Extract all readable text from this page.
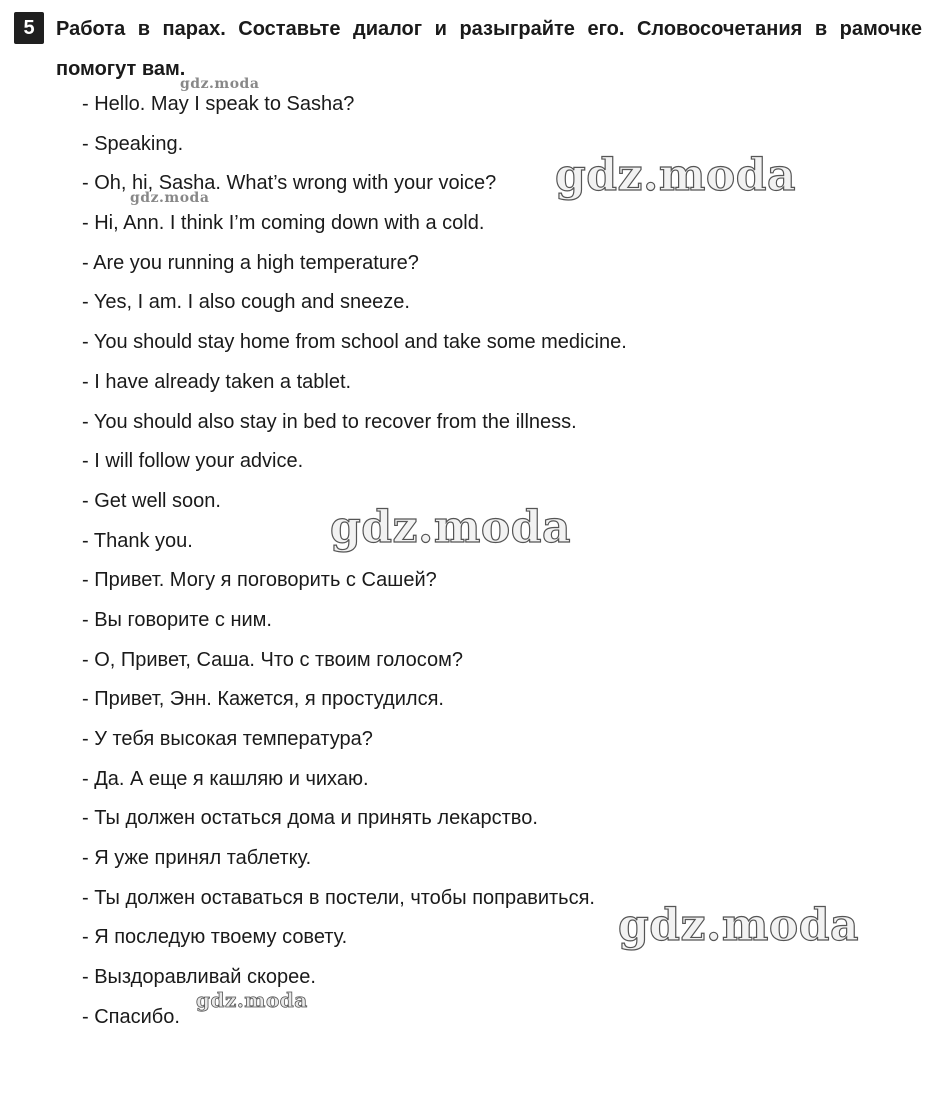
5	Работа в парах. Составьте диалог и разыграйте его. Словосочетания в рамочке помогут вам.
- Hello. May I speak to Sasha?
- Speaking.
- Oh, hi, Sasha. What’s wrong with your voice?
- Hi, Ann. I think I’m coming down with a cold.
- Are you running a high temperature?
- Yes, I am. I also cough and sneeze.
- You should stay home from school and take some medicine.
- I have already taken a tablet.
- You should also stay in bed to recover from the illness.
- I will follow your advice.
- Get well soon.
- Thank you.
- Привет. Могу я поговорить с Сашей?
- Вы говорите с ним.
- О, Привет, Саша. Что с твоим голосом?
- Привет, Энн. Кажется, я простудился.
- У тебя высокая температура?
- Да. А еще я кашляю и чихаю.
- Ты должен остаться дома и принять лекарство.
- Я уже принял таблетку.
- Ты должен оставаться в постели, чтобы поправиться.
- Я последую твоему совету.
- Выздоравливай скорее.
- Спасибо.
gdz.moda
gdz.moda
gdz.moda
gdz.moda
gdz.moda
gdz.moda
